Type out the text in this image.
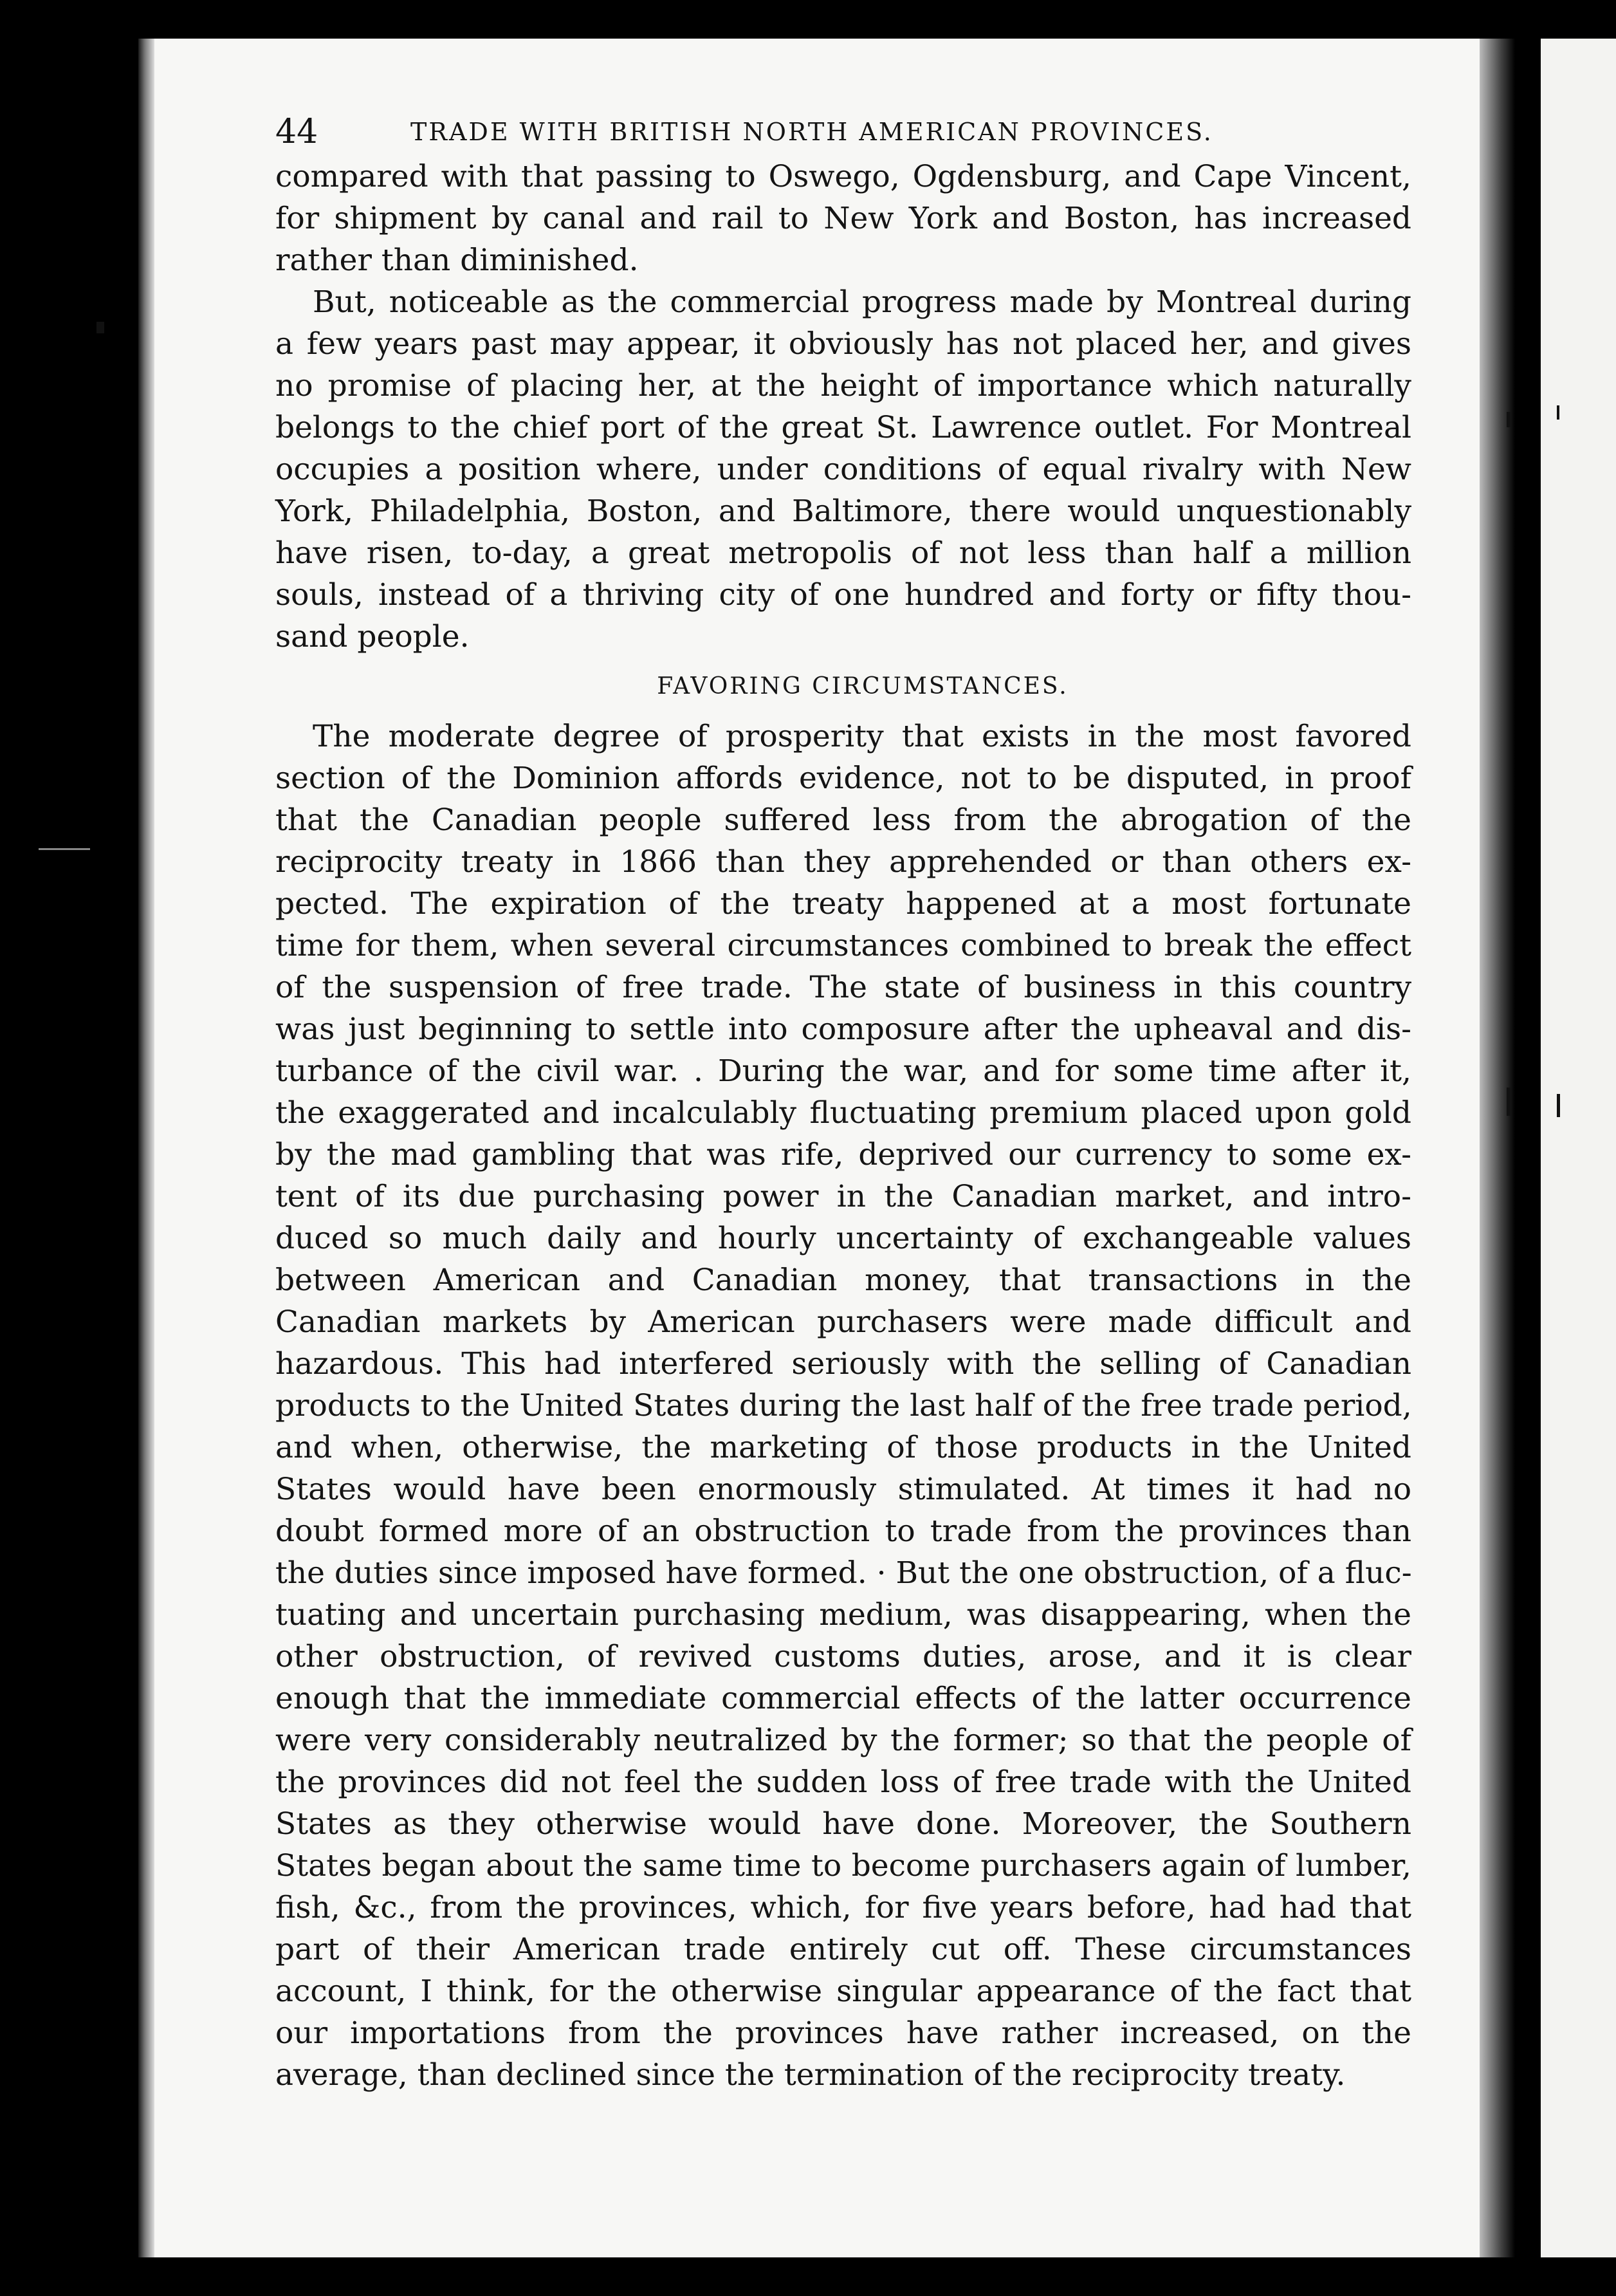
44	TRADE WITH BRITISH NORTH AMERICAN PROVINCES.
compared with that passing to Oswego, Ogdensburg, and Cape Vincent,
for shipment by canal and rail to New York and Boston, has increased
rather than diminished.
But, noticeable as the commercial progress made by Montreal during
a few years past may appear, it obviously has not placed her, and gives
no promise of placing her, at the height of importance which naturally
belongs to the chief port of the great St. Lawrence outlet. For Montreal
occupies a position where, under conditions of equal rivalry with New
York, Philadelphia, Boston, and Baltimore, there would unquestionably
have risen, to-day, a great metropolis of not less than half a million
souls, instead of a thriving city of one hundred and forty or fifty thou-
sand people.
FAVORING CIRCUMSTANCES.
The moderate degree of prosperity that exists in the most favored
section of the Dominion affords evidence, not to be disputed, in proof
that the Canadian people suffered less from the abrogation of the
reciprocity treaty in 1866 than they apprehended or than others ex-
pected. The expiration of the treaty happened at a most fortunate
time for them, when several circumstances combined to break the effect
of the suspension of free trade. The state of business in this country
was just beginning to settle into composure after the upheaval and dis-
turbance of the civil war. . During the war, and for some time after it,
the exaggerated and incalculably fluctuating premium placed upon gold
by the mad gambling that was rife, deprived our currency to some ex-
tent of its due purchasing power in the Canadian market, and intro-
duced so much daily and hourly uncertainty of exchangeable values
between American and Canadian money, that transactions in the
Canadian markets by American purchasers were made difficult and
hazardous. This had interfered seriously with the selling of Canadian
products to the United States during the last half of the free trade period,
and when, otherwise, the marketing of those products in the United
States would have been enormously stimulated. At times it had no
doubt formed more of an obstruction to trade from the provinces than
the duties since imposed have formed. · But the one obstruction, of a fluc-
tuating and uncertain purchasing medium, was disappearing, when the
other obstruction, of revived customs duties, arose, and it is clear
enough that the immediate commercial effects of the latter occurrence
were very considerably neutralized by the former; so that the people of
the provinces did not feel the sudden loss of free trade with the United
States as they otherwise would have done. Moreover, the Southern
States began about the same time to become purchasers again of lumber,
fish, &c., from the provinces, which, for five years before, had had that
part of their American trade entirely cut off. These circumstances
account, I think, for the otherwise singular appearance of the fact that
our importations from the provinces have rather increased, on the
average, than declined since the termination of the reciprocity treaty.
